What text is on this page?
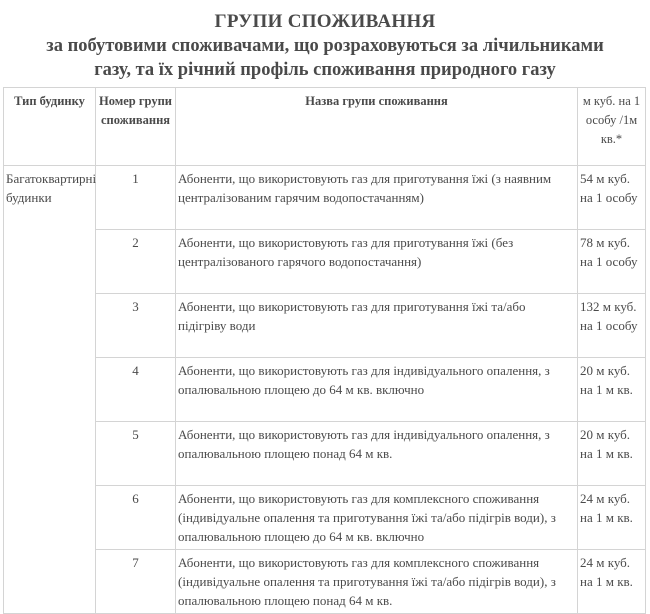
ГРУПИ СПОЖИВАННЯ
за побутовими споживачами, що розраховуються за лічильниками
газу, та їх річний профіль споживання природного газу
Тип будинку	Номер групи споживання	Назва групи споживання	м куб. на 1 особу /1м кв.*
Багатоквартирні будинки	1	Абоненти, що використовують газ для приготування їжі (з наявним централізованим гарячим водопостачанням)	54 м куб. на 1 особу
	2	Абоненти, що використовують газ для приготування їжі (без централізованого гарячого водопостачання)	78 м куб. на 1 особу
	3	Абоненти, що використовують газ для приготування їжі та/або підігріву води	132 м куб. на 1 особу
	4	Абоненти, що використовують газ для індивідуального опалення, з опалювальною площею до 64 м кв. включно	20 м куб. на 1 м кв.
	5	Абоненти, що використовують газ для індивідуального опалення, з опалювальною площею понад 64 м кв.	20 м куб. на 1 м кв.
	6	Абоненти, що використовують газ для комплексного споживання (індивідуальне опалення та приготування їжі та/або підігрів води), з опалювальною площею до 64 м кв. включно	24 м куб. на 1 м кв.
	7	Абоненти, що використовують газ для комплексного споживання (індивідуальне опалення та приготування їжі та/або підігрів води), з опалювальною площею понад 64 м кв.	24 м куб. на 1 м кв.
